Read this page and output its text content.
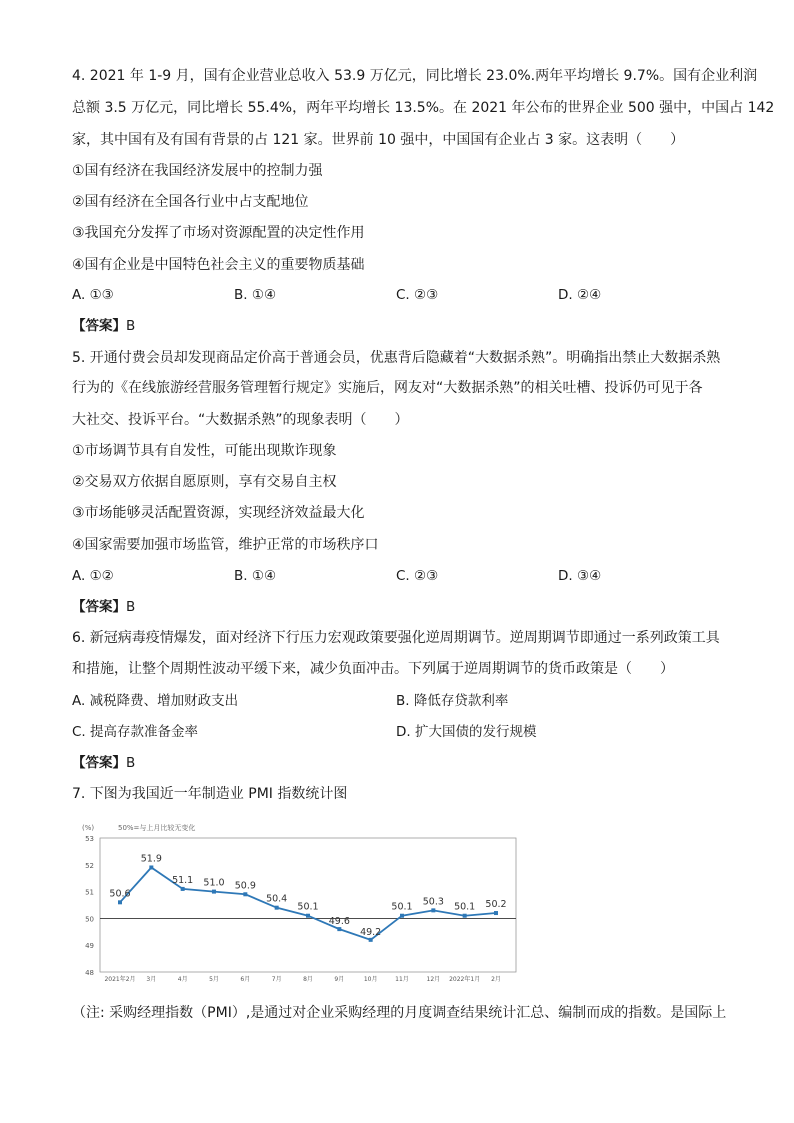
4. 2021 年 1-9 月，国有企业营业总收入 53.9 万亿元，同比增长 23.0%.两年平均增长 9.7%。国有企业利润
总额 3.5 万亿元，同比增长 55.4%，两年平均增长 13.5%。在 2021 年公布的世界企业 500 强中，中国占 142
家，其中国有及有国有背景的占 121 家。世界前 10 强中，中国国有企业占 3 家。这表明（　　）
①国有经济在我国经济发展中的控制力强
②国有经济在全国各行业中占支配地位
③我国充分发挥了市场对资源配置的决定性作用
④国有企业是中国特色社会主义的重要物质基础
A. ①③	B. ①④	C. ②③	D. ②④
【答案】B
5. 开通付费会员却发现商品定价高于普通会员，优惠背后隐藏着“大数据杀熟”。明确指出禁止大数据杀熟
行为的《在线旅游经营服务管理暂行规定》实施后，网友对“大数据杀熟”的相关吐槽、投诉仍可见于各
大社交、投诉平台。“大数据杀熟”的现象表明（　　）
①市场调节具有自发性，可能出现欺诈现象
②交易双方依据自愿原则，享有交易自主权
③市场能够灵活配置资源，实现经济效益最大化
④国家需要加强市场监管，维护正常的市场秩序口
A. ①②	B. ①④	C. ②③	D. ③④
【答案】B
6. 新冠病毒疫情爆发，面对经济下行压力宏观政策要强化逆周期调节。逆周期调节即通过一系列政策工具
和措施，让整个周期性波动平缓下来，减少负面冲击。下列属于逆周期调节的货币政策是（　　）
A. 减税降费、增加财政支出	B. 降低存贷款利率
C. 提高存款准备金率	D. 扩大国债的发行规模
【答案】B
7. 下图为我国近一年制造业 PMI 指数统计图
(%)	50%=与上月比较无变化
48
49
50
51
52
53
2021年2月 3月	4月	5月	6月	7月	8月	9月	10月	11月	12月 2022年1月 2月
50.6
51.9
51.1 51.0 50.9
50.4
50.1
49.6
49.2
50.1 50.3 50.1 50.2
（注: 采购经理指数（PMI）,是通过对企业采购经理的月度调查结果统计汇总、编制而成的指数。是国际上
